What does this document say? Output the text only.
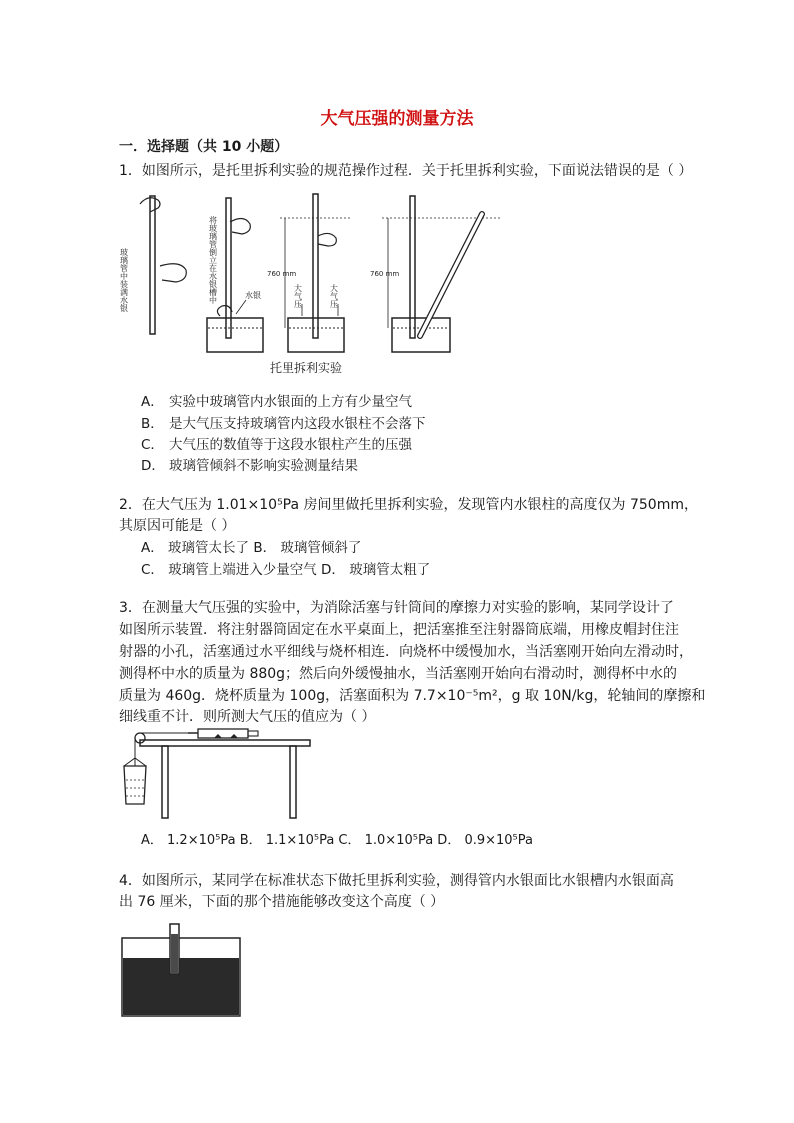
大气压强的测量方法
一．选择题（共 10 小题）
1．如图所示，是托里拆利实验的规范操作过程．关于托里拆利实验，下面说法错误的是（ ）
玻璃管中装满水银	将玻璃管倒立在水银槽中	水银
760 mm
大气压	大气压
760 mm
托里拆利实验
A． 实验中玻璃管内水银面的上方有少量空气
B． 是大气压支持玻璃管内这段水银柱不会落下
C． 大气压的数值等于这段水银柱产生的压强
D． 玻璃管倾斜不影响实验测量结果
2．在大气压为 1.01×10⁵Pa 房间里做托里拆利实验，发现管内水银柱的高度仅为 750mm，
其原因可能是（ ）
A． 玻璃管太长了 B． 玻璃管倾斜了
C． 玻璃管上端进入少量空气 D． 玻璃管太粗了
3．在测量大气压强的实验中，为消除活塞与针筒间的摩擦力对实验的影响，某同学设计了
如图所示装置．将注射器筒固定在水平桌面上，把活塞推至注射器筒底端，用橡皮帽封住注
射器的小孔，活塞通过水平细线与烧杯相连．向烧杯中缓慢加水，当活塞刚开始向左滑动时，
测得杯中水的质量为 880g；然后向外缓慢抽水，当活塞刚开始向右滑动时，测得杯中水的
质量为 460g．烧杯质量为 100g，活塞面积为 7.7×10⁻⁵m²，g 取 10N/kg，轮轴间的摩擦和
细线重不计．则所测大气压的值应为（ ）
A． 1.2×10⁵Pa B． 1.1×10⁵Pa C． 1.0×10⁵Pa D． 0.9×10⁵Pa
4．如图所示，某同学在标准状态下做托里拆利实验，测得管内水银面比水银槽内水银面高
出 76 厘米，下面的那个措施能够改变这个高度（ ）
